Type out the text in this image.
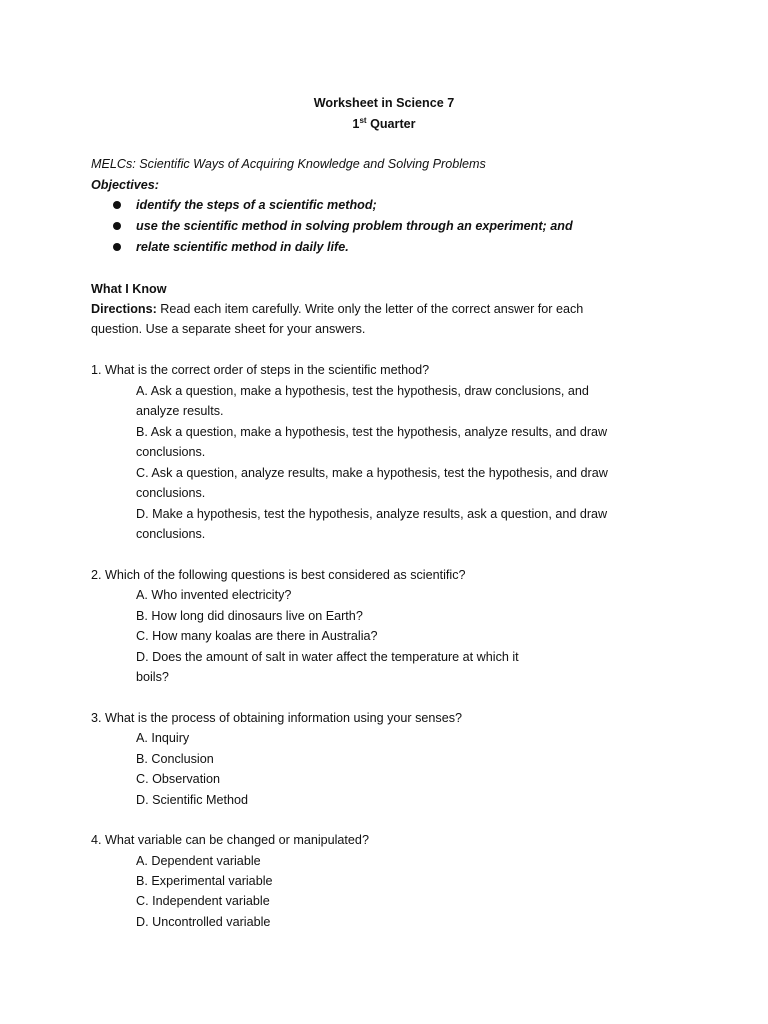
Worksheet in Science 7
1st Quarter
MELCs: Scientific Ways of Acquiring Knowledge and Solving Problems
Objectives:
identify the steps of a scientific method;
use the scientific method in solving problem through an experiment; and
relate scientific method in daily life.
What I Know
Directions: Read each item carefully. Write only the letter of the correct answer for each
question. Use a separate sheet for your answers.
1. What is the correct order of steps in the scientific method?
A. Ask a question, make a hypothesis, test the hypothesis, draw conclusions, and
analyze results.
B. Ask a question, make a hypothesis, test the hypothesis, analyze results, and draw
conclusions.
C. Ask a question, analyze results, make a hypothesis, test the hypothesis, and draw
conclusions.
D. Make a hypothesis, test the hypothesis, analyze results, ask a question, and draw
conclusions.
2. Which of the following questions is best considered as scientific?
A. Who invented electricity?
B. How long did dinosaurs live on Earth?
C. How many koalas are there in Australia?
D. Does the amount of salt in water affect the temperature at which it
boils?
3. What is the process of obtaining information using your senses?
A. Inquiry
B. Conclusion
C. Observation
D. Scientific Method
4. What variable can be changed or manipulated?
A. Dependent variable
B. Experimental variable
C. Independent variable
D. Uncontrolled variable
